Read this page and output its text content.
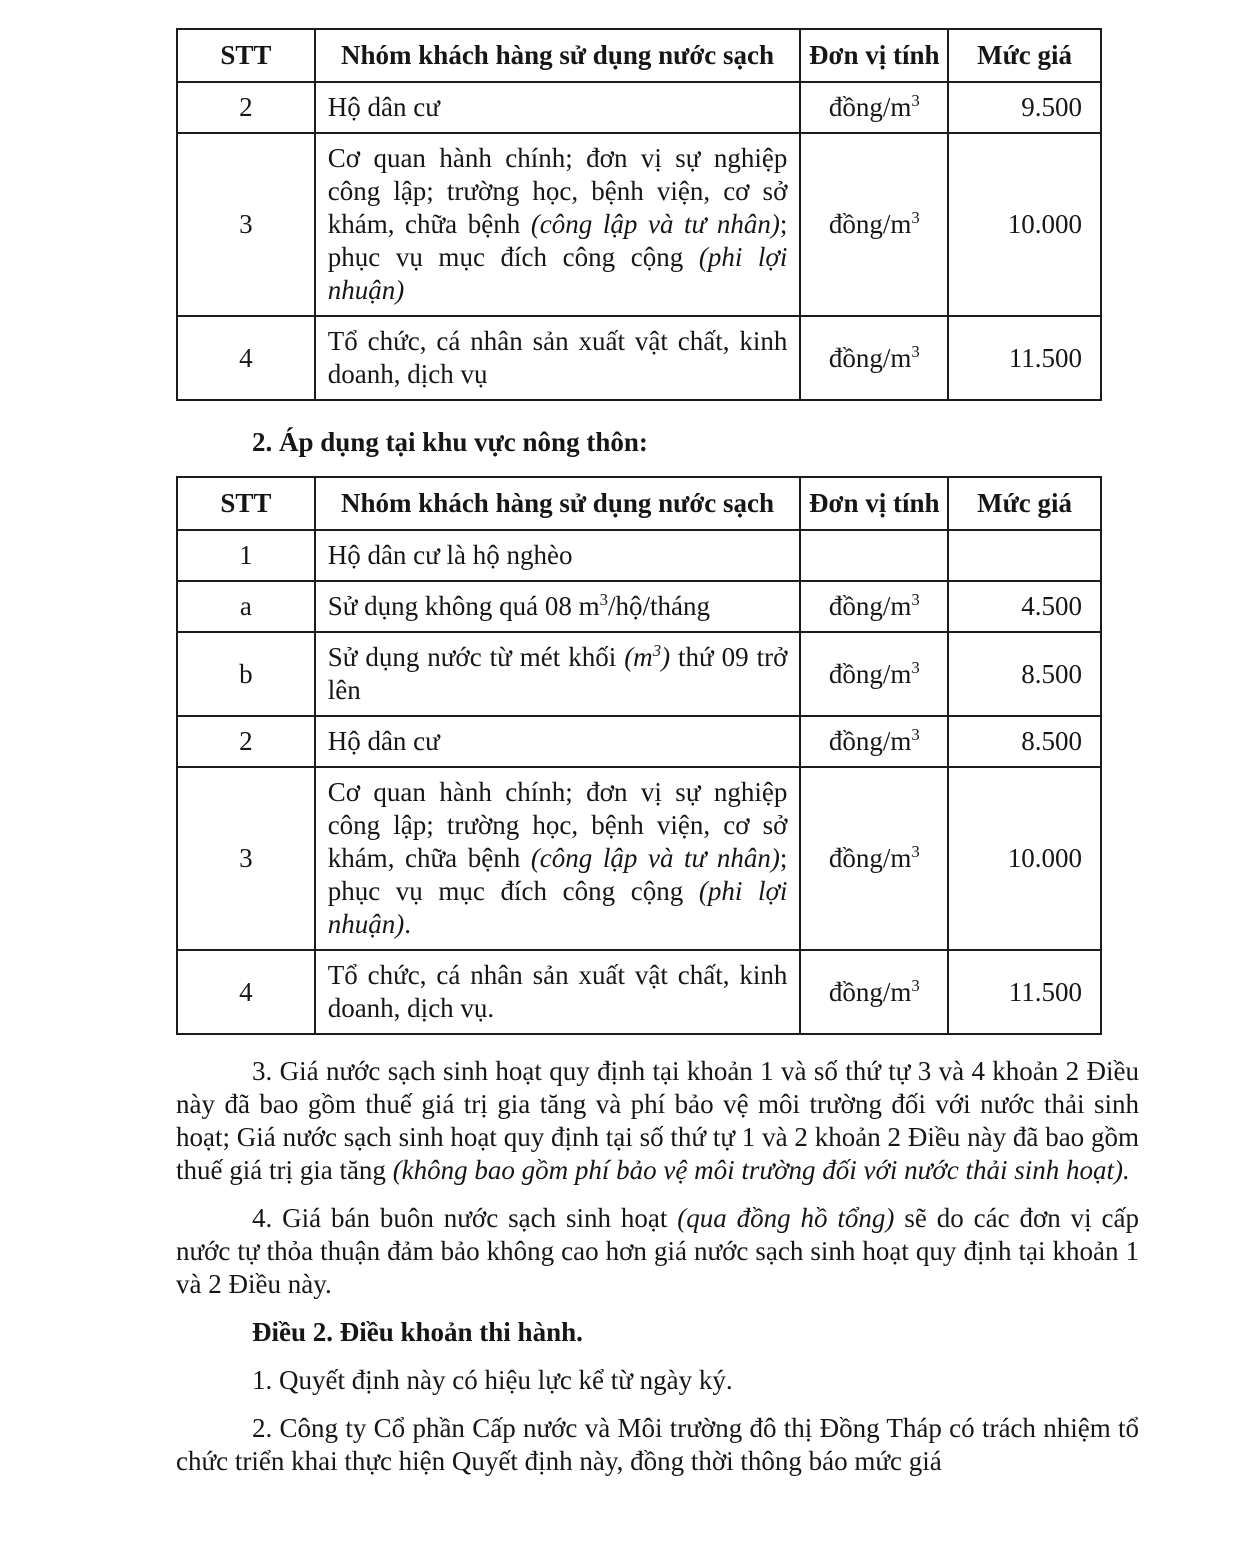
STT	Nhóm khách hàng sử dụng nước sạch	Đơn vị tính	Mức giá
2	Hộ dân cư	đồng/$m^3$	9.500
3	Cơ quan hành chính; đơn vị sự nghiệp công lập; trường học, bệnh viện, cơ sở khám, chữa bệnh (công lập và tư nhân); phục vụ mục đích công cộng (phi lợi nhuận)	đồng/$m^3$	10.000
4	Tổ chức, cá nhân sản xuất vật chất, kinh doanh, dịch vụ	đồng/$m^3$	11.500

2. Áp dụng tại khu vực nông thôn:

STT	Nhóm khách hàng sử dụng nước sạch	Đơn vị tính	Mức giá
1	Hộ dân cư là hộ nghèo		
a	Sử dụng không quá 08 $m^3/hộ$/tháng	đồng/$m^3$	4.500
b	Sử dụng nước từ mét khối $(m^3)$ thứ 09 trở lên	đồng/$m^3$	8.500
2	Hộ dân cư	đồng/$m^3$	8.500
3	Cơ quan hành chính; đơn vị sự nghiệp công lập; trường học, bệnh viện, cơ sở khám, chữa bệnh (công lập và tư nhân); phục vụ mục đích công cộng (phi lợi nhuận).	đồng/$m^3$	10.000
4	Tổ chức, cá nhân sản xuất vật chất, kinh doanh, dịch vụ.	đồng/$m^3$	11.500

3. Giá nước sạch sinh hoạt quy định tại khoản 1 và số thứ tự 3 và 4 khoản 2 Điều này đã bao gồm thuế giá trị gia tăng và phí bảo vệ môi trường đối với nước thải sinh hoạt; Giá nước sạch sinh hoạt quy định tại số thứ tự 1 và 2 khoản 2 Điều này đã bao gồm thuế giá trị gia tăng (không bao gồm phí bảo vệ môi trường đối với nước thải sinh hoạt).

4. Giá bán buôn nước sạch sinh hoạt (qua đồng hồ tổng) sẽ do các đơn vị cấp nước tự thỏa thuận đảm bảo không cao hơn giá nước sạch sinh hoạt quy định tại khoản 1 và 2 Điều này.

Điều 2. Điều khoản thi hành.

1. Quyết định này có hiệu lực kể từ ngày ký.

2. Công ty Cổ phần Cấp nước và Môi trường đô thị Đồng Tháp có trách nhiệm tổ chức triển khai thực hiện Quyết định này, đồng thời thông báo mức giá
